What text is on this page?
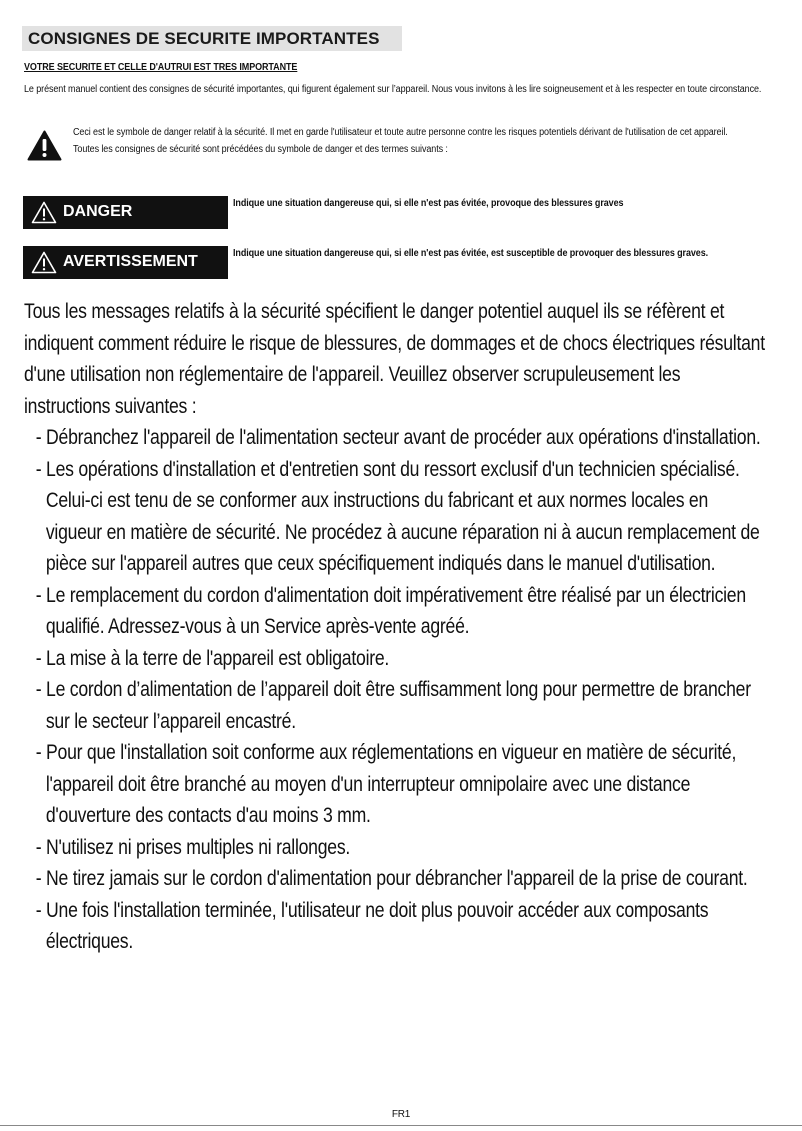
CONSIGNES DE SECURITE IMPORTANTES
VOTRE SECURITE ET CELLE D'AUTRUI EST TRES IMPORTANTE
Le présent manuel contient des consignes de sécurité importantes, qui figurent également sur l’appareil. Nous vous invitons à les lire soigneusement et à les respecter en toute circonstance.
Ceci est le symbole de danger relatif à la sécurité. Il met en garde l'utilisateur et toute autre personne contre les risques potentiels dérivant de l'utilisation de cet appareil.
Toutes les consignes de sécurité sont précédées du symbole de danger et des termes suivants :
DANGER	Indique une situation dangereuse qui, si elle n'est pas évitée, provoque des blessures graves
AVERTISSEMENT	Indique une situation dangereuse qui, si elle n'est pas évitée, est susceptible de provoquer des blessures graves.

Tous les messages relatifs à la sécurité spécifient le danger potentiel auquel ils se réfèrent et indiquent comment réduire le risque de blessures, de dommages et de chocs électriques résultant d'une utilisation non réglementaire de l'appareil. Veuillez observer scrupuleusement les instructions suivantes :

- Débranchez l'appareil de l'alimentation secteur avant de procéder aux opérations d'installation.
- Les opérations d'installation et d'entretien sont du ressort exclusif d'un technicien spécialisé. Celui-ci est tenu de se conformer aux instructions du fabricant et aux normes locales en vigueur en matière de sécurité. Ne procédez à aucune réparation ni à aucun remplacement de pièce sur l'appareil autres que ceux spécifiquement indiqués dans le manuel d'utilisation.
- Le remplacement du cordon d'alimentation doit impérativement être réalisé par un électricien qualifié. Adressez-vous à un Service après-vente agréé.
- La mise à la terre de l'appareil est obligatoire.
- Le cordon d’alimentation de l’appareil doit être suffisamment long pour permettre de brancher sur le secteur l’appareil encastré.
- Pour que l'installation soit conforme aux réglementations en vigueur en matière de sécurité, l'appareil doit être branché au moyen d'un interrupteur omnipolaire avec une distance d'ouverture des contacts d'au moins 3 mm.
- N'utilisez ni prises multiples ni rallonges.
- Ne tirez jamais sur le cordon d'alimentation pour débrancher l'appareil de la prise de courant.
- Une fois l'installation terminée, l'utilisateur ne doit plus pouvoir accéder aux composants électriques.
FR1
